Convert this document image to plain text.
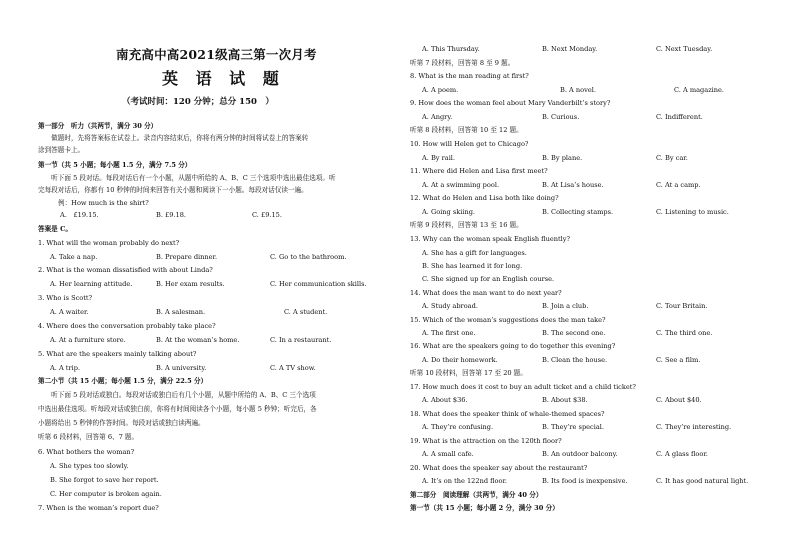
南充高中高2021级高三第一次月考
英 语 试 题
（考试时间：120 分钟；总分 150　）
第一部分　听力（共两节，满分 30 分）
　　做题时，先将答案标在试卷上。录音内容结束后，你将有两分钟的时间将试卷上的答案转
涂到答题卡上。
第一节（共 5 小题；每小题 1.5 分，满分 7.5 分）
　　听下面 5 段对话。每段对话后有一个小题，从题中所给的 A、B、C 三个选项中选出最佳选项。听
完每段对话后，你都有 10 秒钟的时间来回答有关小题和阅读下一小题。每段对话仅读一遍。
例：How much is the shirt?
A.　£19.15.	B. £9.18.	C. £9.15.
答案是 C。
1. What will the woman probably do next?
A. Take a nap.	B. Prepare dinner.	C. Go to the bathroom.
2. What is the woman dissatisfied with about Linda?
A. Her learning attitude.	B. Her exam results.	C. Her communication skills.
3. Who is Scott?
A. A waiter.	B. A salesman.	C. A student.
4. Where does the conversation probably take place?
A. At a furniture store.	B. At the woman’s home.	C. In a restaurant.
5. What are the speakers mainly talking about?
A. A trip.	B. A university.	C. A TV show.
第二小节（共 15 小题；每小题 1.5 分，满分 22.5 分）
　　听下面 5 段对话或独白。每段对话或独白后有几个小题，从题中所给的 A、B、C 三个选项
中选出最佳选项。听每段对话或独白前，你将有时间阅读各个小题，每小题 5 秒钟；听完后，各
小题将给出 5 秒钟的作答时间。每段对话或独白读两遍。
听第 6 段材料，回答第 6、7 题。
6. What bothers the woman?
A. She types too slowly.
B. She forgot to save her report.
C. Her computer is broken again.
7. When is the woman’s report due?
A. This Thursday.	B. Next Monday.	C. Next Tuesday.
听第 7 段材料，回答第 8 至 9 题。
8. What is the man reading at first?
A. A poem.	B. A novel.	C. A magazine.
9. How does the woman feel about Mary Vanderbilt’s story?
A. Angry.	B. Curious.	C. Indifferent.
听第 8 段材料，回答第 10 至 12 题。
10. How will Helen get to Chicago?
A. By rail.	B. By plane.	C. By car.
11. Where did Helen and Lisa first meet?
A. At a swimming pool.	B. At Lisa’s house.	C. At a camp.
12. What do Helen and Lisa both like doing?
A. Going skiing.	B. Collecting stamps.	C. Listening to music.
听第 9 段材料，回答第 13 至 16 题。
13. Why can the woman speak English fluently?
A. She has a gift for languages.
B. She has learned it for long.
C. She signed up for an English course.
14. What does the man want to do next year?
A. Study abroad.	B. Join a club.	C. Tour Britain.
15. Which of the woman’s suggestions does the man take?
A. The first one.	B. The second one.	C. The third one.
16. What are the speakers going to do together this evening?
A. Do their homework.	B. Clean the house.	C. See a film.
听第 10 段材料，回答第 17 至 20 题。
17. How much does it cost to buy an adult ticket and a child ticket?
A. About $36.	B. About $38.	C. About $40.
18. What does the speaker think of whale-themed spaces?
A. They’re confusing.	B. They’re special.	C. They’re interesting.
19. What is the attraction on the 120th floor?
A. A small cafe.	B. An outdoor balcony.	C. A glass floor.
20. What does the speaker say about the restaurant?
A. It’s on the 122nd floor.	B. Its food is inexpensive.	C. It has good natural light.
第二部分　阅读理解（共两节，满分 40 分）
第一节（共 15 小题；每小题 2 分，满分 30 分）
